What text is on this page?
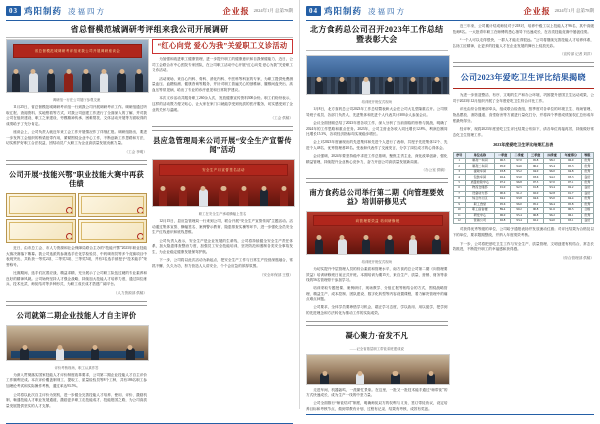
03 鸡阳制药 凌福四方	企业报 2024年1月 总第78期
省总督模范城调研考评组来我公司开展调研
省总督模范城调研考评组来我公司开展调研座谈会
调研组一行在公司展厅参观交流
11月25日，省总督模范城调研考评组一行到我公司开展调研考评工作。调研组通过听取汇报、查阅资料、实地察看等方式，对我公司创建工作进行了全面深入的了解，并对我公司在组织建设、职工之家建设、劳模精神传承、困难帮扶、文体活动开展等方面取得的成绩给予了充分肯定。
座谈会上，公司负责人就近年来工会工作开展情况作了详细汇报。调研组指出，要进一步发挥工会组织的桥梁纽带作用，紧紧围绕企业中心工作，不断创新工作思路和方法，切实维护好职工合法权益，团结动员广大职工为企业高质量发展贡献力量。
（工会 李明）
公司开展“技能兴鄂”职业技能大赛中再获佳绩
近日，由市总工会、市人力资源和社会保障局联合主办的“技能兴鄂”2023年职业技能大赛决赛落下帷幕。我公司选派的参赛选手在化学检验员、中药调剂员等多个竞赛项目中表现突出，共斩获一等奖2项、二等奖3项、三等奖5项，并有3名选手被授予“技术能手”荣誉称号。
比赛期间，选手们沉着应战、精益求精，充分展示了公司职工队伍过硬的专业素养和良好的精神风貌。公司始终坚持人才强企战略，持续加大技能人才培养力度，通过岗位练兵、技术比武、师徒结对等多种形式，为职工成长成才搭建广阔平台。
（人力资源部 供稿）
公司就第二期企业技能人才自主评价
评价考核现场，职工认真作答
为深入贯彻落实国家技能人才评价制度改革要求，公司第二期企业技能人才自主评价工作顺利完成。本次评价覆盖制剂工、提取工、质量检验员等8个工种，共有186名职工参加理论考试和实际操作考核，通过率达93.5%。
公司将以此次自主评价为契机，进一步健全完善技能人才培养、使用、评价、激励机制，畅通技能人才职业发展通道，激励更多职工走技能成才、技能报国之路，为公司高质量发展提供坚实的人才支撑。
“红心向党 爱心为我”关爱职工义诊活动
为加强和改进职工健康管理，进一步提升职工的健康意识和自我保健能力，近日，公司工会联合市中心医院专家团队，在公司职工活动中心开展“红心向党 爱心为我”关爱职工义诊活动。
活动现场，来自心内科、骨科、消化内科、中医科等科室的专家，为职工提供免费测量血压、血糖检测、健康咨询等服务，并针对职工普遍关心的颈椎病、腰椎间盘突出、高血压等常见病，给出了专业的诊疗意见和日常防护建议。
本次义诊活动共服务职工260余人次，发放健康宣传资料300余份。职工们纷纷表示，这样的活动既方便又贴心，让大家在家门口就能享受到优质的医疗服务，切实感受到了企业的关怀与温暖。
（工会 供稿）
县应急管理局来公司开展“安全生产宣誓传闻”活动
安全生产月宣誓签名活动
职工在安全生产承诺横幅上签名
12月15日，县应急管理局一行来到公司，联合开展“安全生产宣誓传闻”主题活动。活动通过集体宣誓、横幅签名、案例警示教育、隐患排查实操等环节，进一步强化全员安全生产红线意识和底线思维。
公司负责人表示，安全生产是企业发展的生命线，公司将持续健全安全生产责任体系，加大隐患排查整治力度，加强员工安全技能培训，坚决防范和遏制各类安全事故发生，为企业稳定健康发展保驾护航。
下一步，公司将以此次活动为新起点，把安全生产工作与日常生产经营深度融合，常抓不懈、久久为功，努力营造人人讲安全、个个会应急的浓厚氛围。
（安全环保部 王强）
04 鸡阳制药 凌福四方	企业报 2024年1月 总第78期
北方食药总公司召开2023年工作总结暨表彰大会
培训班开班仪式现场
1月8日，北方食药总公司2023年工作总结暨表彰大会在公司大礼堂隆重召开。公司领导班子成员、各部门负责人、先进集体和先进个人代表共计300余人参加会议。
会议全面回顾总结了2023年度各项工作，深入分析了当前面临的形势与挑战，明确了2024年的工作思路和重点任务。2023年，公司主营业务收入同比增长12.8%，利润总额同比增长15.3%，各项经济指标均实现稳步增长。
会上对2023年度涌现出的先进集体和先进个人进行了表彰，共授予先进集体12个、先进个人48名、优秀管理者20名。受表彰代表作了交流发言，分享了岗位成才的心得体会。
会议强调，2024年要坚持稳中求进工作总基调，聚焦主责主业，深化改革创新，强化精益管理，持续提升企业核心竞争力，奋力开创公司高质量发展新局面。
（办公室 供稿）
南方食药总公司举行第二期《向管理要效益》培训研修见式
向管理要效益 培训研修班
培训班开班仪式现场
为切实提升中层管理人员的综合素质和管理水平，南方食药总公司第二期《向管理要效益》培训研修班日前正式开班。本期培训为期15天，来自生产、质量、营销、财务等条线的56名管理骨干参加学习。
培训采取专题授课、案例研讨、现场教学、分组汇报等相结合的方式，围绕战略管理、精益生产、成本控制、团队建设、数字化转型等内容设置课程，着力解决管理中的痛点难点问题。
公司要求，全体学员要珍惜学习机会，端正学习态度，学以致用、用以促学，把学到的先进理念和方法转化为推动工作的实际成效。
凝心聚力·奋发不凡
——记全省基层职工带徒弟班建成说
走进车间，机器轰鸣，一派繁忙景象。在这里，一批又一批技术能手通过“师带徒”的方式快速成长，成为生产一线的中坚力量。
公司全面推行“师徒结对”制度，明确师徒双方的权利与义务，签订带徒协议，设定培养目标和考核节点，做到带教有计划、过程有记录、结果有考核、成效有奖惩。
近三年来，公司累计结成师徒对子218对，培养中级工以上技能人才96名，其中高级技师8名。一大批青年职工在师傅的悉心指导下迅速成长，在各类技能竞赛中屡创佳绩。
“一个人可以走得很快，一群人才能走得很远。”公司将继续完善技能人才培养体系，弘扬工匠精神，让更多的技能人才在企业发展的舞台上绽放光彩。
（宣传部 记者 刘洋）
公司2023年爱吃卫生评比结果揭晓
为进一步营造整洁、有序、文明的生产和办公环境，巩固提升爱国卫生运动成果，公司于2023年12月组织开展了全年度爱吃卫生综合评比工作。
评比由综合管理部牵头，组成联合检查组，按季度对各单位的环境卫生、现场管理、物品摆放、消防通道、食堂宿舍等方面进行量化打分，并将四个季度成绩加权汇总形成年度最终得分。
经评审，现将2023年度爱吃卫生评比结果公布如下，请各单位再接再厉，持续做好常态化卫生管理工作。
2023年度爱吃卫生评比结果汇总表
序号	单位名称	一季度	二季度	三季度	四季度	年度得分	等级
1	制剂一车间	96.5	97.0	95.8	98.2	96.9	优秀
2	制剂二车间	95.0	94.6	96.2	95.4	95.3	优秀
3	提取车间	93.8	95.2	94.0	96.0	94.8	优秀
4	包装车间	92.4	93.0	93.6	94.2	93.3	良好
5	质量检验中心	97.2	96.8	97.5	97.0	97.1	优秀
6	物流仓储部	91.0	92.5	91.8	93.4	92.2	良好
7	设备动力部	90.6	91.2	92.0	92.8	91.7	良好
8	综合办公区	94.2	93.8	94.6	95.0	94.4	优秀
9	职工食堂	95.6	96.0	95.2	96.4	95.8	优秀
10	职工宿舍楼	89.4	90.2	90.8	91.6	90.5	合格
11	研发中心	96.0	95.4	96.8	96.2	96.1	优秀
12	营销公司	92.8	93.4	92.2	94.0	93.1	良好
对获得优秀等级的单位，公司给予通报表扬并发放流动红旗；对评比结果为合格及以下的单位，要求限期整改，并纳入年度绩效考核。
下一步，公司将把爱吃卫生工作与安全生产、质量管理、文明创建有机结合，常态长效推进，不断提升职工的幸福感和获得感。
（综合管理部 供稿）
